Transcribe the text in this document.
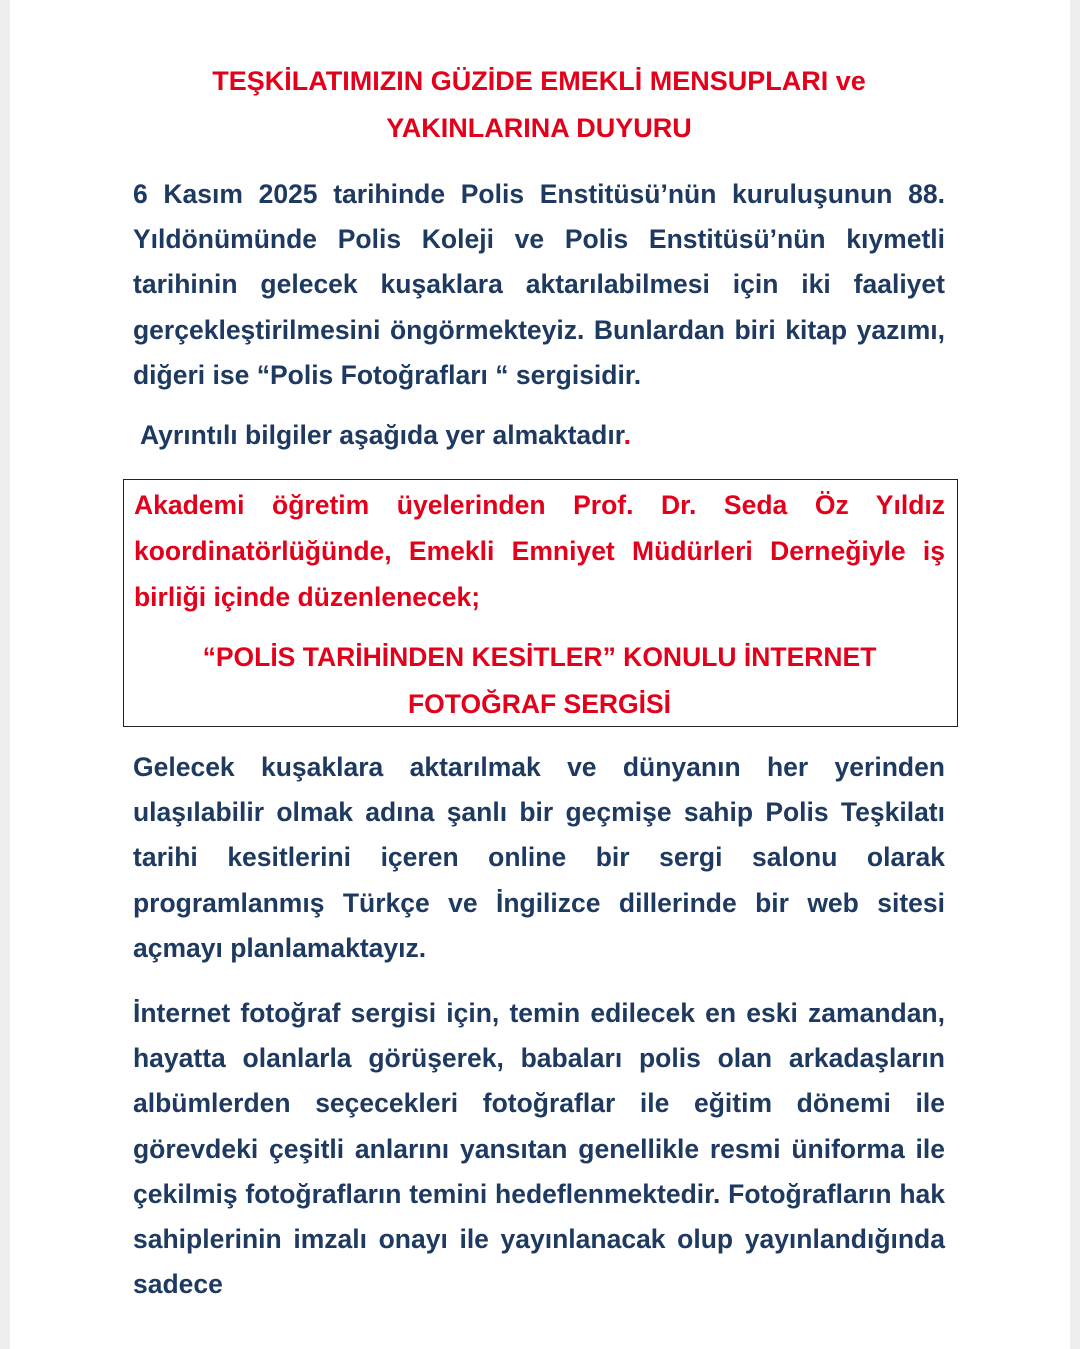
TEŞKİLATIMIZIN GÜZİDE EMEKLİ MENSUPLARI ve

YAKINLARINA DUYURU

6 Kasım 2025 tarihinde Polis Enstitüsü’nün kuruluşunun 88. Yıldönümünde Polis Koleji ve Polis Enstitüsü’nün kıymetli tarihinin gelecek kuşaklara aktarılabilmesi için iki faaliyet gerçekleştirilmesini öngörmekteyiz. Bunlardan biri kitap yazımı, diğeri ise “Polis Fotoğrafları “ sergisidir.

Ayrıntılı bilgiler aşağıda yer almaktadır.

Akademi öğretim üyelerinden Prof. Dr. Seda Öz Yıldız koordinatörlüğünde, Emekli Emniyet Müdürleri Derneğiyle iş birliği içinde düzenlenecek;

“POLİS TARİHİNDEN KESİTLER” KONULU İNTERNET
FOTOĞRAF SERGİSİ

Gelecek kuşaklara aktarılmak ve dünyanın her yerinden ulaşılabilir olmak adına şanlı bir geçmişe sahip Polis Teşkilatı tarihi kesitlerini içeren online bir sergi salonu olarak programlanmış Türkçe ve İngilizce dillerinde bir web sitesi açmayı planlamaktayız.

İnternet fotoğraf sergisi için, temin edilecek en eski zamandan, hayatta olanlarla görüşerek, babaları polis olan arkadaşların albümlerden seçecekleri fotoğraflar ile eğitim dönemi ile görevdeki çeşitli anlarını yansıtan genellikle resmi üniforma ile çekilmiş fotoğrafların temini hedeflenmektedir. Fotoğrafların hak sahiplerinin imzalı onayı ile yayınlanacak olup yayınlandığında sadece
